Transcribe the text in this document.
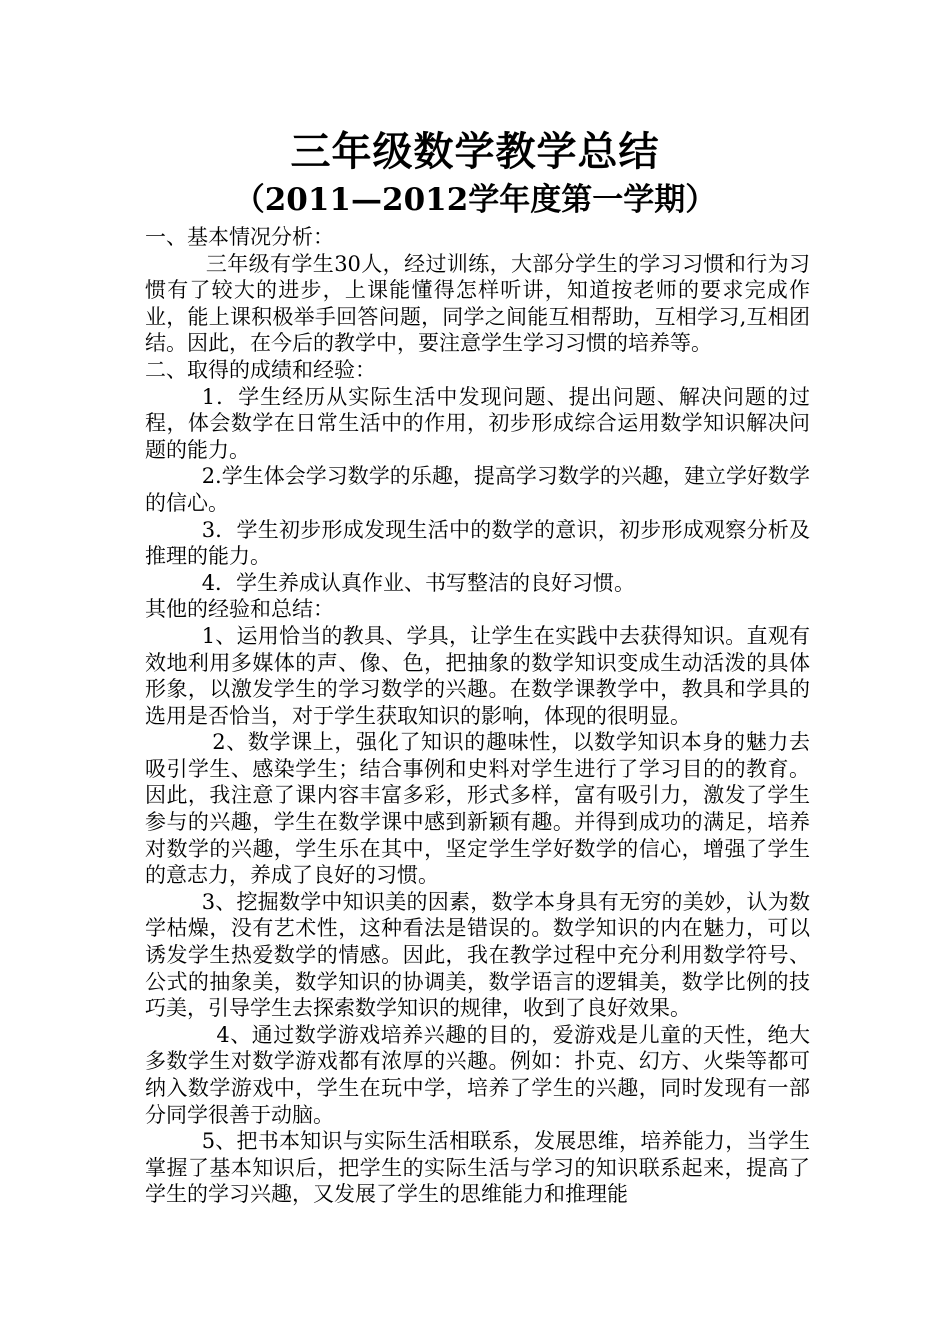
三年级数学教学总结
（2011—2012学年度第一学期）

一、基本情况分析：

三年级有学生30人，经过训练，大部分学生的学习习惯和行为习惯有了较大的进步，上课能懂得怎样听讲，知道按老师的要求完成作业，能上课积极举手回答问题，同学之间能互相帮助，互相学习,互相团结。因此，在今后的教学中，要注意学生学习习惯的培养等。

二、取得的成绩和经验：

1．学生经历从实际生活中发现问题、提出问题、解决问题的过程，体会数学在日常生活中的作用，初步形成综合运用数学知识解决问题的能力。

2.学生体会学习数学的乐趣，提高学习数学的兴趣，建立学好数学的信心。

3．学生初步形成发现生活中的数学的意识，初步形成观察分析及推理的能力。

4．学生养成认真作业、书写整洁的良好习惯。

其他的经验和总结：

1、运用恰当的教具、学具，让学生在实践中去获得知识。直观有效地利用多媒体的声、像、色，把抽象的数学知识变成生动活泼的具体形象，以激发学生的学习数学的兴趣。在数学课教学中，教具和学具的选用是否恰当，对于学生获取知识的影响，体现的很明显。

2、数学课上，强化了知识的趣味性，以数学知识本身的魅力去吸引学生、感染学生；结合事例和史料对学生进行了学习目的的教育。因此，我注意了课内容丰富多彩，形式多样，富有吸引力，激发了学生参与的兴趣，学生在数学课中感到新颖有趣。并得到成功的满足，培养对数学的兴趣，学生乐在其中，坚定学生学好数学的信心，增强了学生的意志力，养成了良好的习惯。

3、挖掘数学中知识美的因素，数学本身具有无穷的美妙，认为数学枯燥，没有艺术性，这种看法是错误的。数学知识的内在魅力，可以诱发学生热爱数学的情感。因此，我在教学过程中充分利用数学符号、公式的抽象美，数学知识的协调美，数学语言的逻辑美，数学比例的技巧美，引导学生去探索数学知识的规律，收到了良好效果。

4、通过数学游戏培养兴趣的目的，爱游戏是儿童的天性，绝大多数学生对数学游戏都有浓厚的兴趣。例如：扑克、幻方、火柴等都可纳入数学游戏中，学生在玩中学，培养了学生的兴趣，同时发现有一部分同学很善于动脑。

5、把书本知识与实际生活相联系，发展思维，培养能力，当学生掌握了基本知识后，把学生的实际生活与学习的知识联系起来，提高了学生的学习兴趣，又发展了学生的思维能力和推理能
